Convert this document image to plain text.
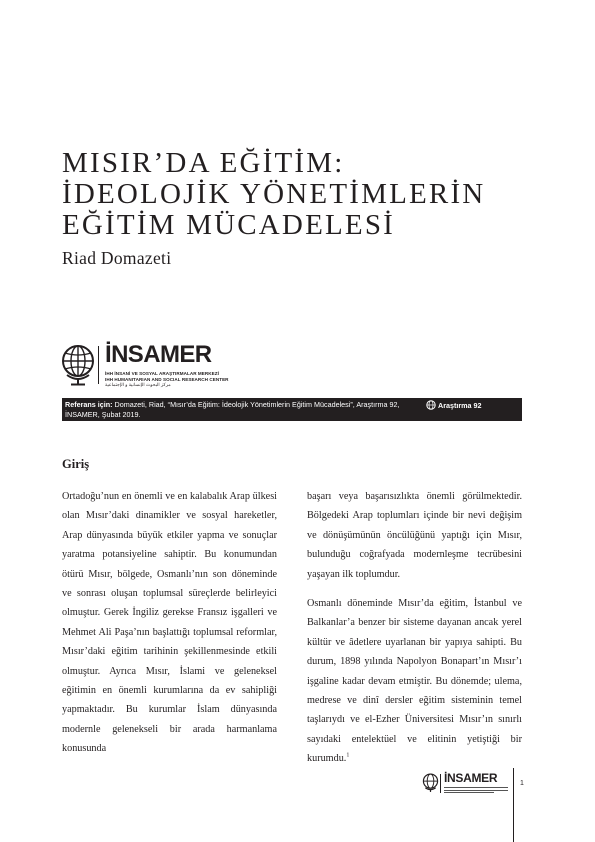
MISIR’DA EĞİTİM:
İDEOLOJİK YÖNETİMLERİN
EĞİTİM MÜCADELESİ
Riad Domazeti
İNSAMER
İHH İNSANİ VE SOSYAL ARAŞTIRMALAR MERKEZİ
IHH HUMANITARIAN AND SOCIAL RESEARCH CENTER
مركز البحوث الإنسانية و الإجتماعية
Referans için: Domazeti, Riad, “Mısır’da Eğitim: İdeolojik Yönetimlerin Eğitim Mücadelesi”, Araştırma 92, İNSAMER, Şubat 2019.
Araştırma 92
Giriş

Ortadoğu’nun en önemli ve en kalabalık Arap ülkesi olan Mısır’daki dinamikler ve sosyal hareketler, Arap dünyasında büyük etkiler yapma ve sonuçlar yaratma potansiyeline sahiptir. Bu konumundan ötürü Mısır, bölgede, Osmanlı’nın son döneminde ve sonrası oluşan toplumsal süreçlerde belirleyici olmuştur. Gerek İngiliz gerekse Fransız işgalleri ve Mehmet Ali Paşa’nın başlattığı toplumsal reformlar, Mısır’daki eğitim tarihinin şekillenmesinde etkili olmuştur. Ayrıca Mısır, İslami ve geleneksel eğitimin en önemli kurumlarına da ev sahipliği yapmaktadır. Bu kurumlar İslam dünyasında modernle gelenekseli bir arada harmanlama konusunda

başarı veya başarısızlıkta önemli görülmektedir. Bölgedeki Arap toplumları içinde bir nevi değişim ve dönüşümünün öncülüğünü yaptığı için Mısır, bulunduğu coğrafyada modernleşme tecrübesini yaşayan ilk toplumdur.

Osmanlı döneminde Mısır’da eğitim, İstanbul ve Balkanlar’a benzer bir sisteme dayanan ancak yerel kültür ve âdetlere uyarlanan bir yapıya sahipti. Bu durum, 1898 yılında Napolyon Bonapart’ın Mısır’ı işgaline kadar devam etmiştir. Bu dönemde; ulema, medrese ve dinî dersler eğitim sisteminin temel taşlarıydı ve el-Ezher Üniversitesi Mısır’ın sınırlı sayıdaki entelektüel ve elitinin yetiştiği bir kurumdu.$^1$

İNSAMER	1
